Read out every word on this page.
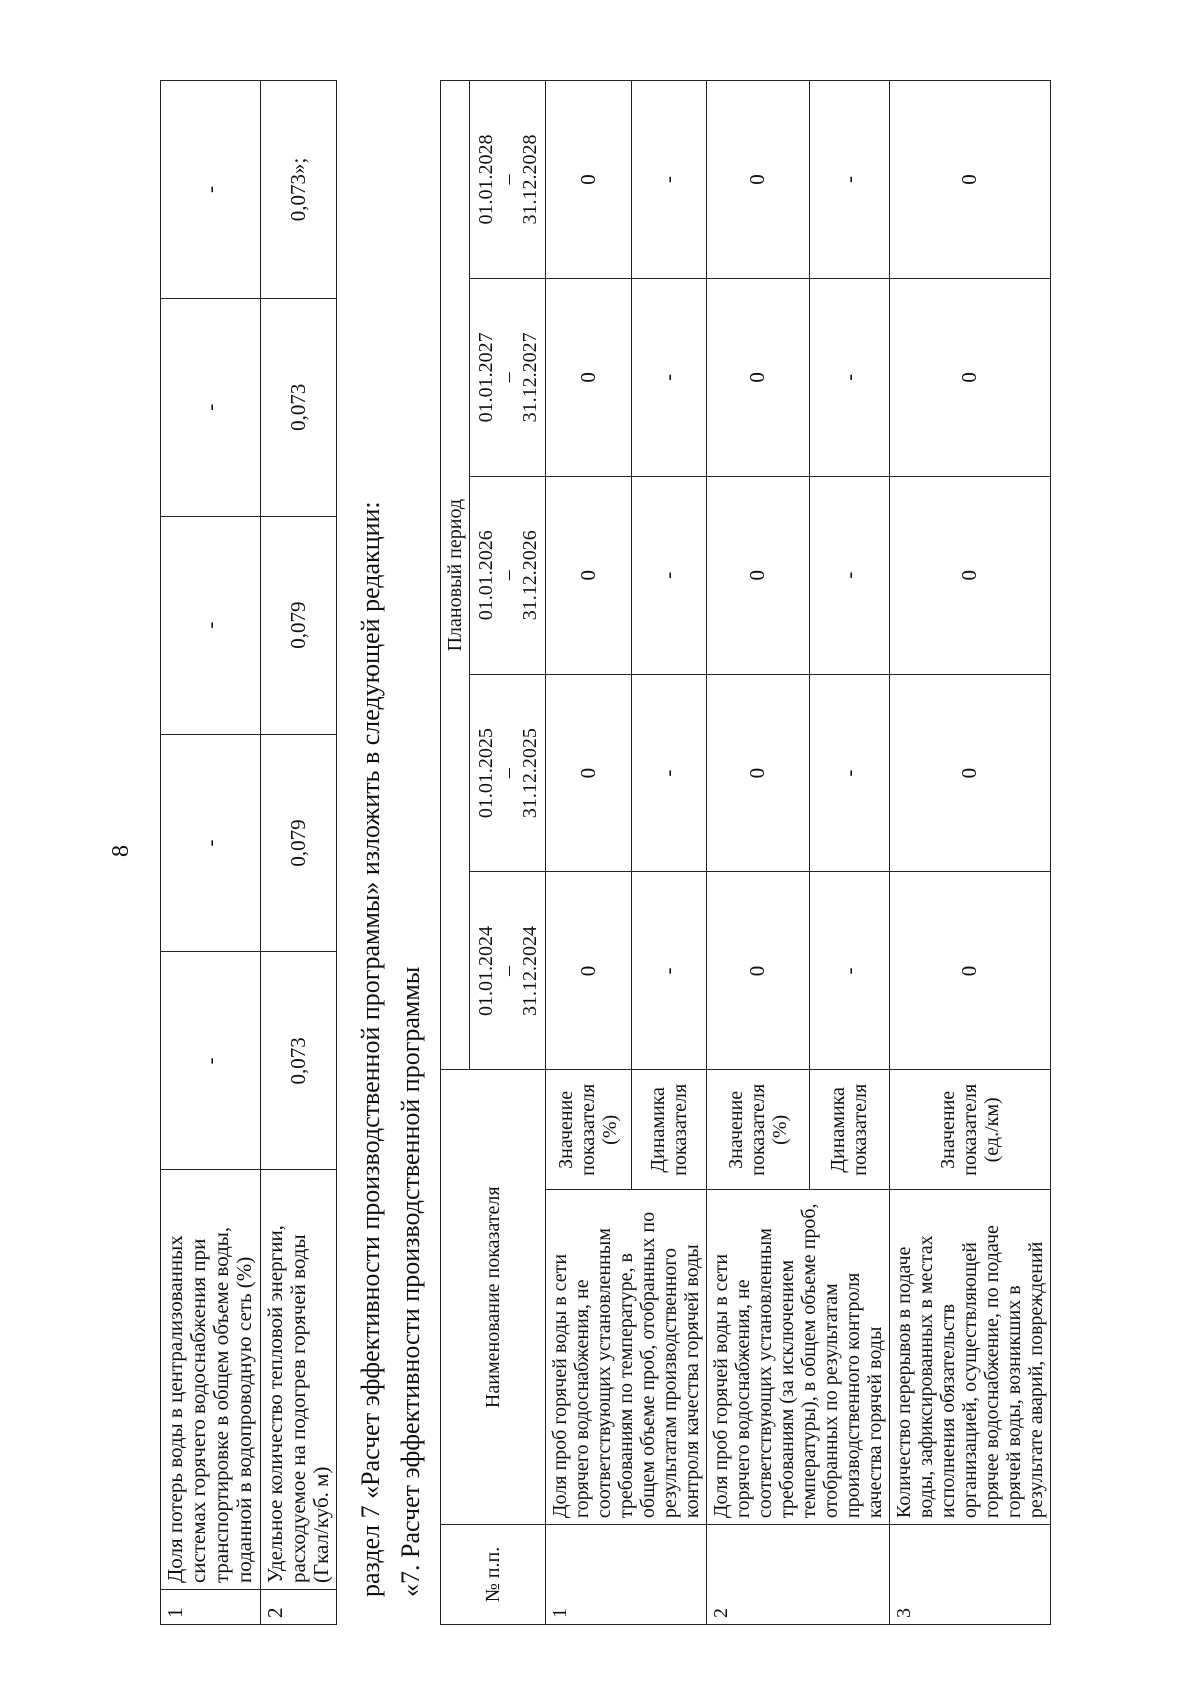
8
1	Доля потерь воды в централизованных системах горячего водоснабжения при транспортировке в общем объеме воды, поданной в водопроводную сеть (%)	-	-	-	-	-
2	Удельное количество тепловой энергии, расходуемое на подогрев горячей воды (Гкал/куб. м)	0,073	0,079	0,079	0,073	0,073»;
раздел 7 «Расчет эффективности производственной программы» изложить в следующей редакции: «7. Расчет эффективности производственной программы	№ п.п.	Наименование показателя		Плановый период				

			01.01.2024 – 31.12.2024	01.01.2025 – 31.12.2025	01.01.2026 – 31.12.2026	01.01.2027 – 31.12.2027	01.01.2028 – 31.12.2028

1	Доля проб горячей воды в сети горячего водоснабжения, не соответствующих установленным требованиям по температуре, в общем объеме проб, отобранных по результатам производственного контроля качества горячей воды	Значение показателя (%)	0	0	0	0	0
		Динамика показателя	-	-	-	-	-
2	Доля проб горячей воды в сети горячего водоснабжения, не соответствующих установленным требованиям (за исключением температуры), в общем объеме проб, отобранных по результатам производственного контроля качества горячей воды	Значение показателя (%)	0	0	0	0	0
		Динамика показателя	-	-	-	-	-
3	Количество перерывов в подаче воды, зафиксированных в местах исполнения обязательств организацией, осуществляющей горячее водоснабжение, по подаче горячей воды, возникших в результате аварий, повреждений	Значение показателя (ед./км)	0	0	0	0	0
